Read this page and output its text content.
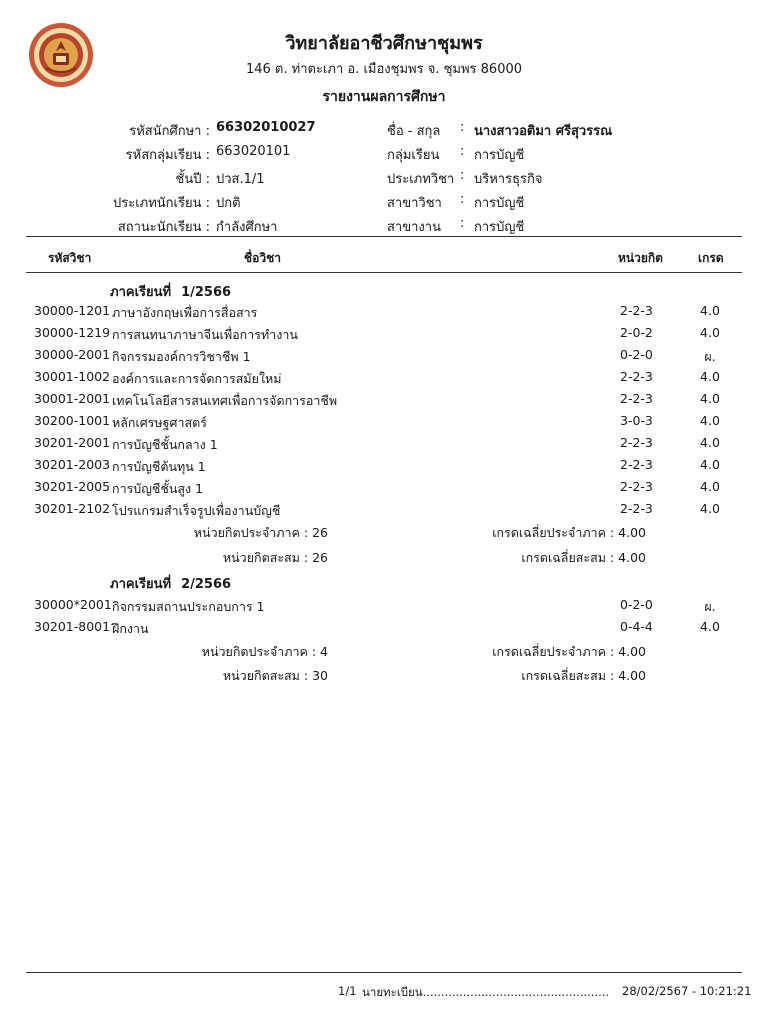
วิทยาลัยอาชีวศึกษาชุมพร
146 ต. ท่าตะเภา อ. เมืองชุมพร จ. ชุมพร 86000
รายงานผลการศึกษา
รหัสนักศึกษา : 66302010027
รหัสกลุ่มเรียน : 663020101
ชั้นปี : ปวส.1/1
ประเภทนักเรียน : ปกติ
สถานะนักเรียน : กำลังศึกษา
ชื่อ - สกุล : นางสาวอติมา ศรีสุวรรณ
กลุ่มเรียน : การบัญชี
ประเภทวิชา : บริหารธุรกิจ
สาขาวิชา : การบัญชี
สาขางาน : การบัญชี
รหัสวิชา	ชื่อวิชา	หน่วยกิต	เกรด
ภาคเรียนที่ 1/2566
30000-1201 ภาษาอังกฤษเพื่อการสื่อสาร	2-2-3	4.0
30000-1219 การสนทนาภาษาจีนเพื่อการทำงาน	2-0-2	4.0
30000-2001 กิจกรรมองค์การวิชาชีพ 1	0-2-0	ผ.
30001-1002 องค์การและการจัดการสมัยใหม่	2-2-3	4.0
30001-2001 เทคโนโลยีสารสนเทศเพื่อการจัดการอาชีพ	2-2-3	4.0
30200-1001 หลักเศรษฐศาสตร์	3-0-3	4.0
30201-2001 การบัญชีชั้นกลาง 1	2-2-3	4.0
30201-2003 การบัญชีต้นทุน 1	2-2-3	4.0
30201-2005 การบัญชีชั้นสูง 1	2-2-3	4.0
30201-2102 โปรแกรมสำเร็จรูปเพื่องานบัญชี	2-2-3	4.0
หน่วยกิตประจำภาค : 26	เกรดเฉลี่ยประจำภาค : 4.00
หน่วยกิตสะสม : 26	เกรดเฉลี่ยสะสม : 4.00
ภาคเรียนที่ 2/2566
30000*2001 กิจกรรมสถานประกอบการ 1	0-2-0	ผ.
30201-8001 ฝึกงาน	0-4-4	4.0
หน่วยกิตประจำภาค : 4	เกรดเฉลี่ยประจำภาค : 4.00
หน่วยกิตสะสม : 30	เกรดเฉลี่ยสะสม : 4.00
1/1 นายทะเบียน................................................... 28/02/2567 - 10:21:21
